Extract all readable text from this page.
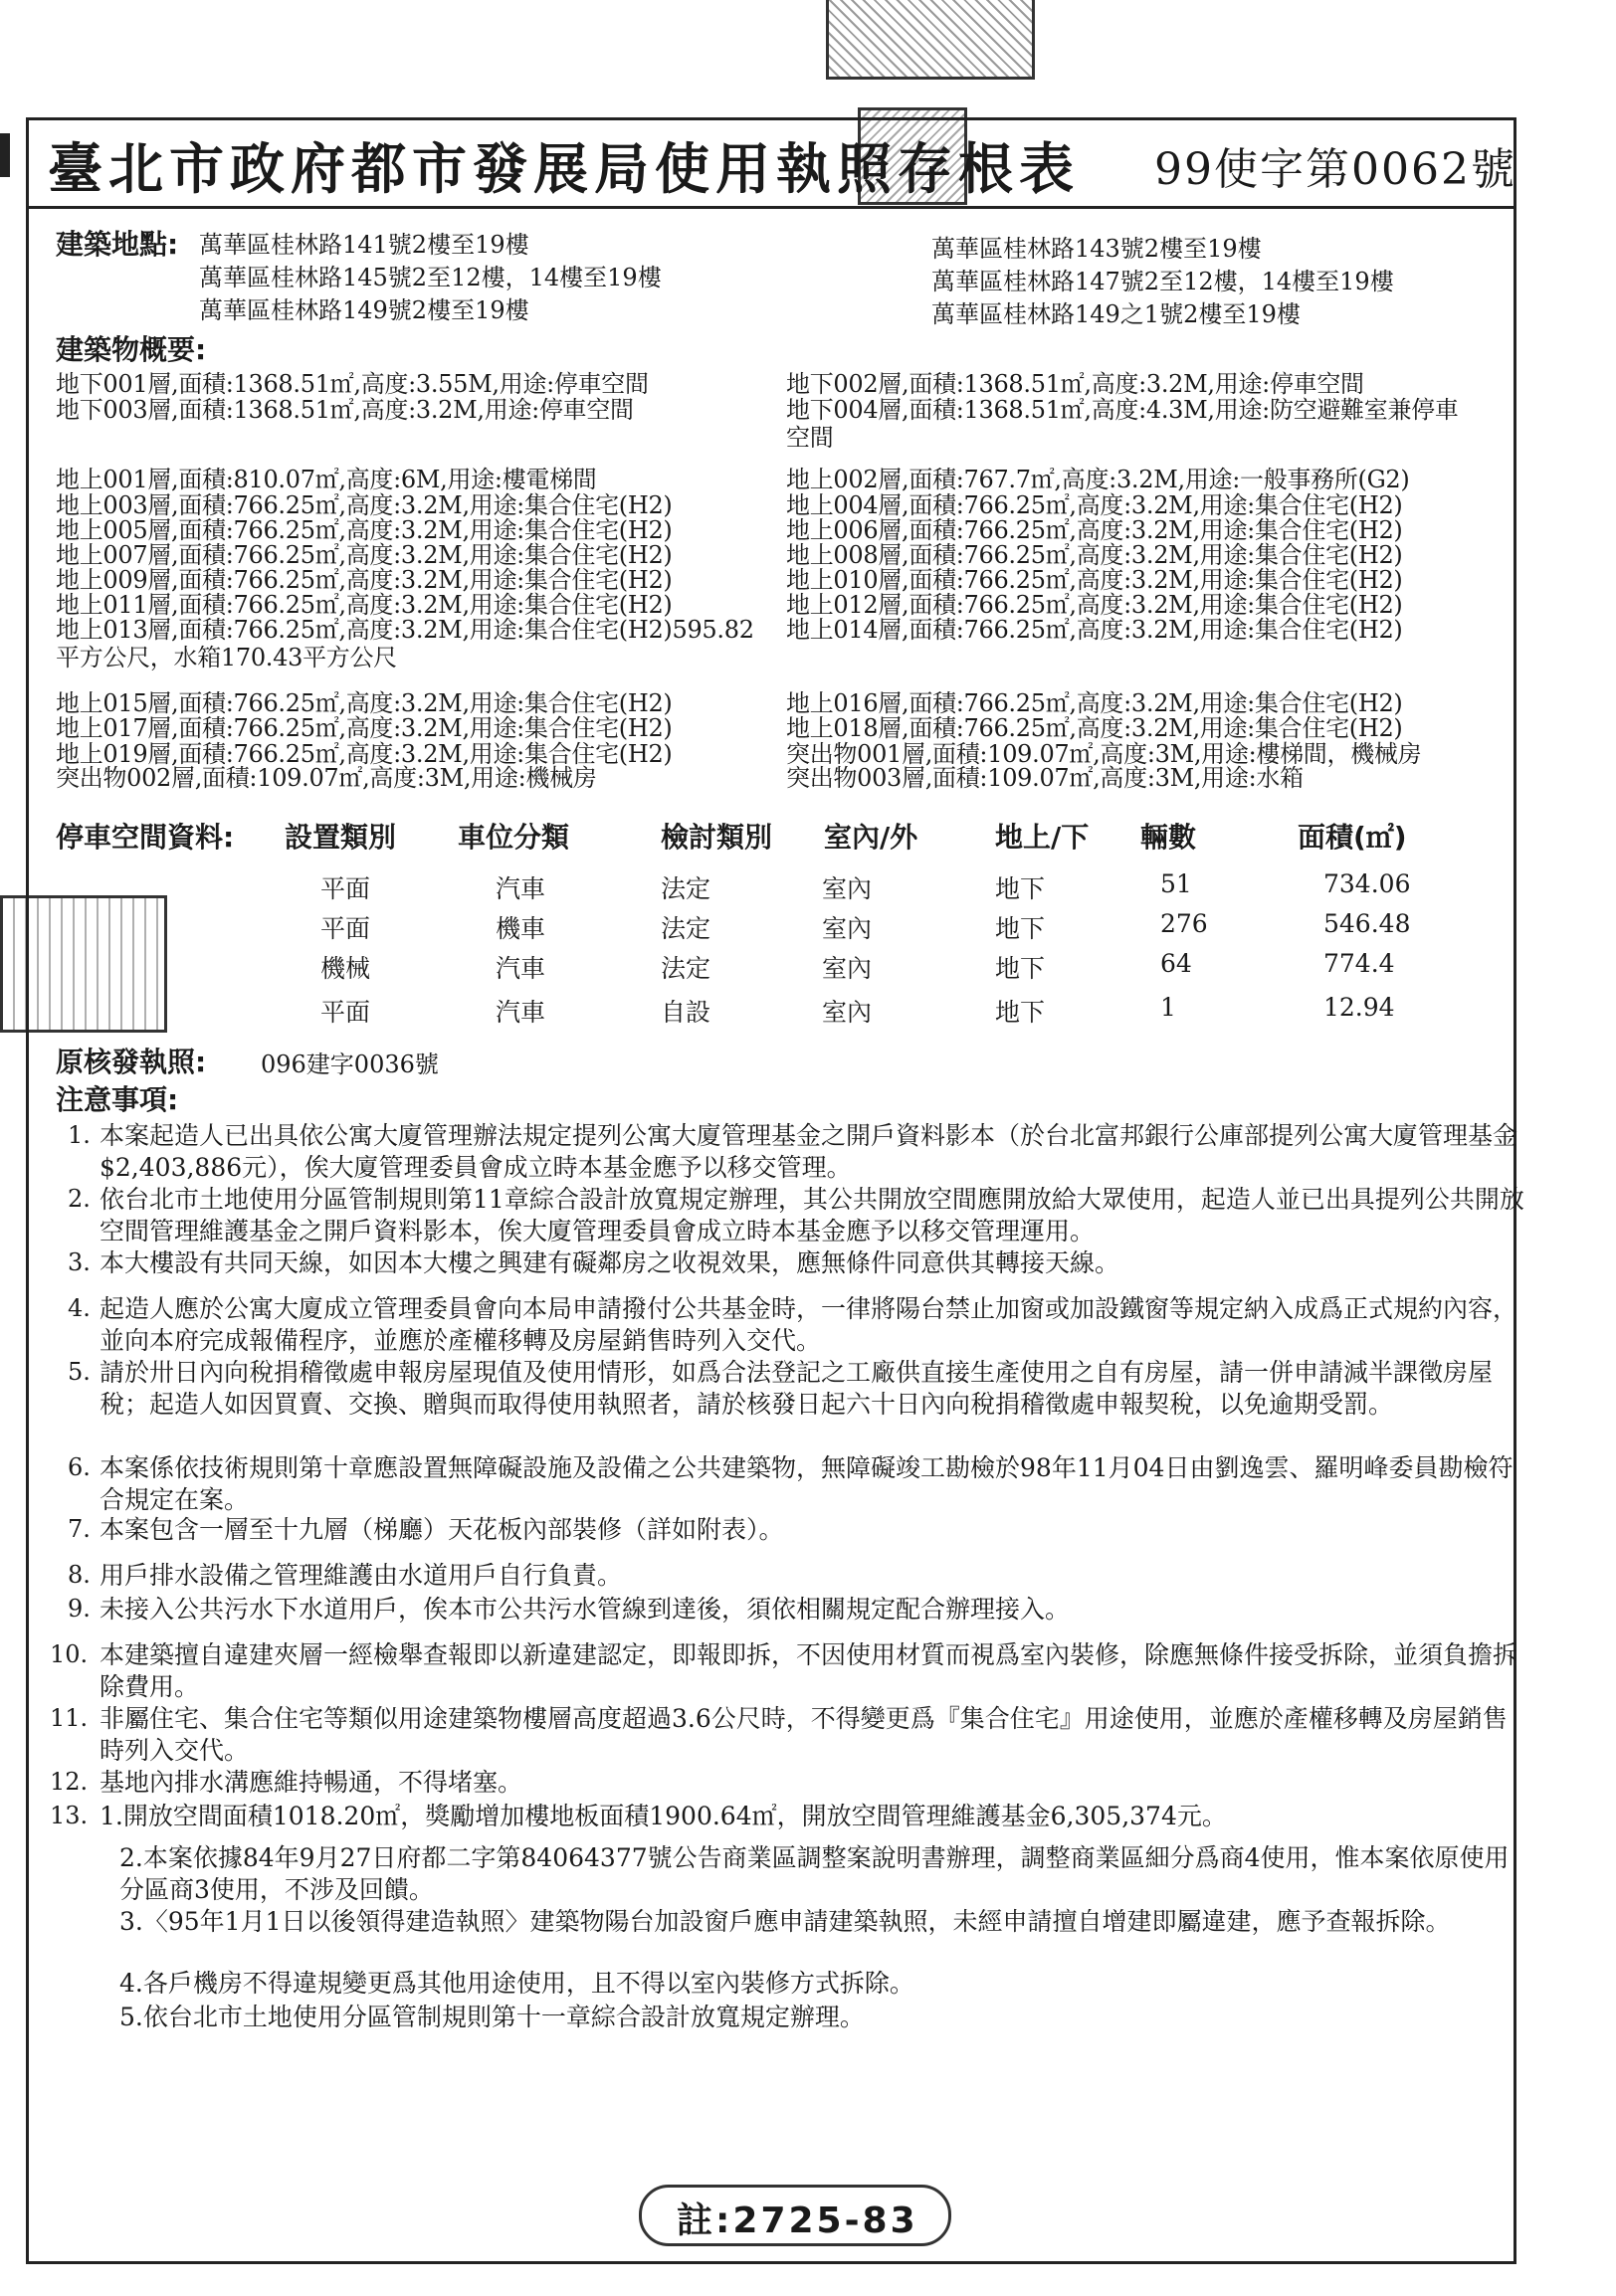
臺北市政府都市發展局使用執照存根表 99使字第0062號
建築地點: 萬華區桂林路141號2樓至19樓
萬華區桂林路145號2至12樓，14樓至19樓
萬華區桂林路149號2樓至19樓
萬華區桂林路143號2樓至19樓
萬華區桂林路147號2至12樓，14樓至19樓
萬華區桂林路149之1號2樓至19樓
建築物概要:
停車空間資料:
原核發執照: 096建字0036號
注意事項:
註:2725-83
地下001層,面積:1368.51㎡,高度:3.55M,用途:停車空間	地下002層,面積:1368.51㎡,高度:3.2M,用途:停車空間
地下003層,面積:1368.51㎡,高度:3.2M,用途:停車空間	地下004層,面積:1368.51㎡,高度:4.3M,用途:防空避難室兼停車
空間
地上001層,面積:810.07㎡,高度:6M,用途:樓電梯間	地上002層,面積:767.7㎡,高度:3.2M,用途:一般事務所(G2)
地上003層,面積:766.25㎡,高度:3.2M,用途:集合住宅(H2)	地上004層,面積:766.25㎡,高度:3.2M,用途:集合住宅(H2)
地上005層,面積:766.25㎡,高度:3.2M,用途:集合住宅(H2)	地上006層,面積:766.25㎡,高度:3.2M,用途:集合住宅(H2)
地上007層,面積:766.25㎡,高度:3.2M,用途:集合住宅(H2)	地上008層,面積:766.25㎡,高度:3.2M,用途:集合住宅(H2)
地上009層,面積:766.25㎡,高度:3.2M,用途:集合住宅(H2)	地上010層,面積:766.25㎡,高度:3.2M,用途:集合住宅(H2)
地上011層,面積:766.25㎡,高度:3.2M,用途:集合住宅(H2)	地上012層,面積:766.25㎡,高度:3.2M,用途:集合住宅(H2)
地上013層,面積:766.25㎡,高度:3.2M,用途:集合住宅(H2)595.82 地上014層,面積:766.25㎡,高度:3.2M,用途:集合住宅(H2)
平方公尺，水箱170.43平方公尺
地上015層,面積:766.25㎡,高度:3.2M,用途:集合住宅(H2)	地上016層,面積:766.25㎡,高度:3.2M,用途:集合住宅(H2)
地上017層,面積:766.25㎡,高度:3.2M,用途:集合住宅(H2)	地上018層,面積:766.25㎡,高度:3.2M,用途:集合住宅(H2)
地上019層,面積:766.25㎡,高度:3.2M,用途:集合住宅(H2)	突出物001層,面積:109.07㎡,高度:3M,用途:樓梯間，機械房
突出物002層,面積:109.07㎡,高度:3M,用途:機械房	突出物003層,面積:109.07㎡,高度:3M,用途:水箱
設置類別 車位分類	檢討類別 室內/外	地上/下 輛數	面積(㎡)
平面	汽車	法定	室內	地下	51	734.06
平面	機車	法定	室內	地下	276	546.48
機械	汽車	法定	室內	地下	64	774.4
平面	汽車	自設	室內	地下	1	12.94
1. 本案起造人已出具依公寓大廈管理辦法規定提列公寓大廈管理基金之開戶資料影本（於台北富邦銀行公庫部提列公寓大廈管理基金$2,403,886元），俟大廈管理委員會成立時本基金應予以移交管理。
2. 依台北市土地使用分區管制規則第11章綜合設計放寬規定辦理，其公共開放空間應開放給大眾使用，起造人並已出具提列公共開放空間管理維護基金之開戶資料影本，俟大廈管理委員會成立時本基金應予以移交管理運用。
3. 本大樓設有共同天線，如因本大樓之興建有礙鄰房之收視效果，應無條件同意供其轉接天線。
4. 起造人應於公寓大廈成立管理委員會向本局申請撥付公共基金時，一律將陽台禁止加窗或加設鐵窗等規定納入成爲正式規約內容，並向本府完成報備程序，並應於產權移轉及房屋銷售時列入交代。
5. 請於卅日內向稅捐稽徵處申報房屋現值及使用情形，如爲合法登記之工廠供直接生產使用之自有房屋，請一併申請減半課徵房屋稅；起造人如因買賣、交換、贈與而取得使用執照者，請於核發日起六十日內向稅捐稽徵處申報契稅，以免逾期受罰。
6. 本案係依技術規則第十章應設置無障礙設施及設備之公共建築物，無障礙竣工勘檢於98年11月04日由劉逸雲、羅明峰委員勘檢符合規定在案。
7. 本案包含一層至十九層（梯廳）天花板內部裝修（詳如附表）。
8. 用戶排水設備之管理維護由水道用戶自行負責。
9. 未接入公共污水下水道用戶，俟本市公共污水管線到達後，須依相關規定配合辦理接入。
10. 本建築擅自違建夾層一經檢舉查報即以新違建認定，即報即拆，不因使用材質而視爲室內裝修，除應無條件接受拆除，並須負擔拆除費用。
11. 非屬住宅、集合住宅等類似用途建築物樓層高度超過3.6公尺時，不得變更爲『集合住宅』用途使用，並應於產權移轉及房屋銷售時列入交代。
12. 基地內排水溝應維持暢通，不得堵塞。
13. 1.開放空間面積1018.20㎡，獎勵增加樓地板面積1900.64㎡，開放空間管理維護基金6,305,374元。
2.本案依據84年9月27日府都二字第84064377號公告商業區調整案說明書辦理，調整商業區細分爲商4使用，惟本案依原使用分區商3使用，不涉及回饋。
3.〈95年1月1日以後領得建造執照〉建築物陽台加設窗戶應申請建築執照，未經申請擅自增建即屬違建，應予查報拆除。
4.各戶機房不得違規變更爲其他用途使用，且不得以室內裝修方式拆除。
5.依台北市土地使用分區管制規則第十一章綜合設計放寬規定辦理。
